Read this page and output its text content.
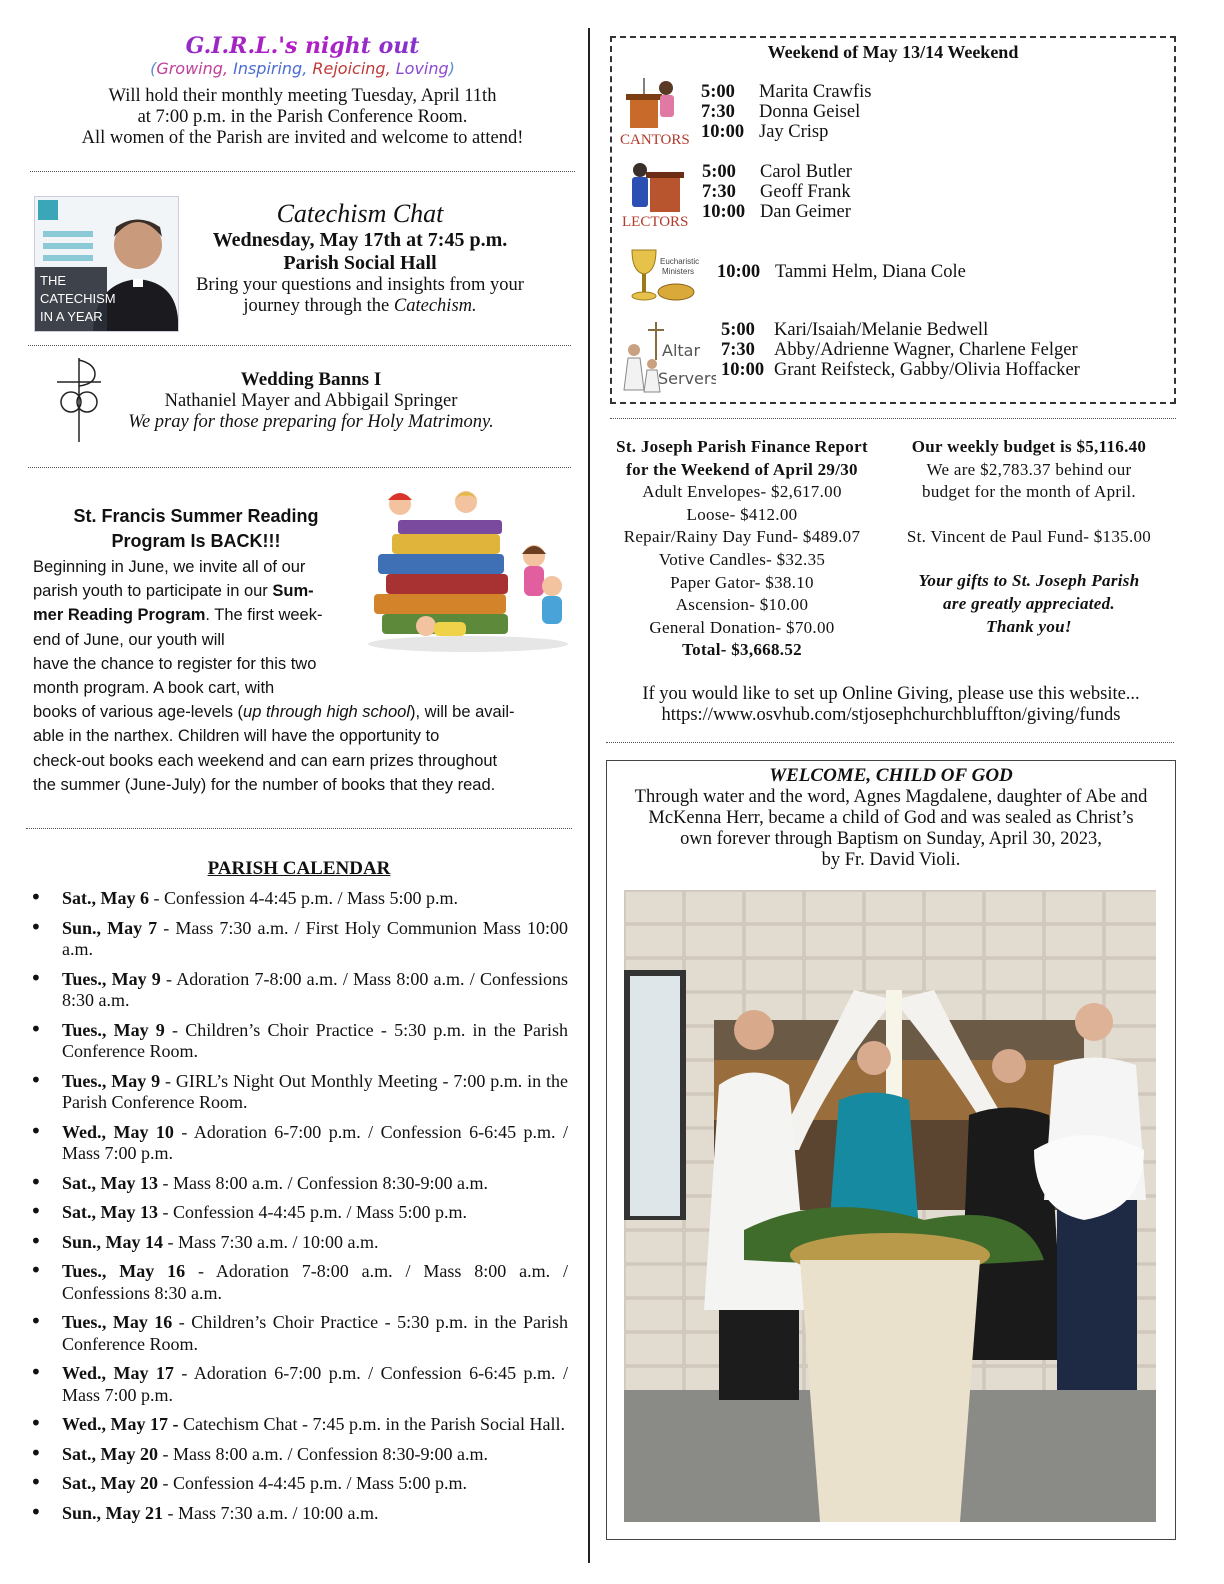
G.I.R.L.'s night out
(Growing, Inspiring, Rejoicing, Loving)
Will hold their monthly meeting Tuesday, April 11th
at 7:00 p.m. in the Parish Conference Room.
All women of the Parish are invited and welcome to attend!
THE
CATECHISM
IN A YEAR
Catechism Chat
Wednesday, May 17th at 7:45 p.m.
Parish Social Hall
Bring your questions and insights from your
journey through the Catechism.
Wedding Banns I
Nathaniel Mayer and Abbigail Springer
We pray for those preparing for Holy Matrimony.
St. Francis Summer Reading
Program Is BACK!!!
Beginning in June, we invite all of our
parish youth to participate in our Sum-
mer Reading Program. The first week-
end of June, our youth will
have the chance to register for this two
month program. A book cart, with
books of various age-levels (up through high school), will be avail-
able in the narthex. Children will have the opportunity to
check-out books each weekend and can earn prizes throughout
the summer (June-July) for the number of books that they read.
PARISH CALENDAR
• Sat., May 6 - Confession 4-4:45 p.m. / Mass 5:00 p.m.
• Sun., May 7 - Mass 7:30 a.m. / First Holy Communion Mass 10:00 a.m.
• Tues., May 9 - Adoration 7-8:00 a.m. / Mass 8:00 a.m. / Confessions 8:30 a.m.
• Tues., May 9 - Children’s Choir Practice - 5:30 p.m. in the Parish Conference Room.
• Tues., May 9 - GIRL’s Night Out Monthly Meeting - 7:00 p.m. in the Parish Conference Room.
• Wed., May 10 - Adoration 6-7:00 p.m. / Confession 6-6:45 p.m. / Mass 7:00 p.m.
• Sat., May 13 - Mass 8:00 a.m. / Confession 8:30-9:00 a.m.
• Sat., May 13 - Confession 4-4:45 p.m. / Mass 5:00 p.m.
• Sun., May 14 - Mass 7:30 a.m. / 10:00 a.m.
• Tues., May 16 - Adoration 7-8:00 a.m. / Mass 8:00 a.m. / Confessions 8:30 a.m.
• Tues., May 16 - Children’s Choir Practice - 5:30 p.m. in the Parish Conference Room.
• Wed., May 17 - Adoration 6-7:00 p.m. / Confession 6-6:45 p.m. / Mass 7:00 p.m.
• Wed., May 17 - Catechism Chat - 7:45 p.m. in the Parish Social Hall.
• Sat., May 20 - Mass 8:00 a.m. / Confession 8:30-9:00 a.m.
• Sat., May 20 - Confession 4-4:45 p.m. / Mass 5:00 p.m.
• Sun., May 21 - Mass 7:30 a.m. / 10:00 a.m.
Weekend of May 13/14 Weekend
CANTORS
5:00 Marita Crawfis
7:30 Donna Geisel
10:00 Jay Crisp
LECTORS
5:00 Carol Butler
7:30 Geoff Frank
10:00 Dan Geimer
Eucharistic
Ministers 10:00 Tammi Helm, Diana Cole
Altar
Servers
5:00 Kari/Isaiah/Melanie Bedwell
7:30 Abby/Adrienne Wagner, Charlene Felger
10:00 Grant Reifsteck, Gabby/Olivia Hoffacker
St. Joseph Parish Finance Report
for the Weekend of April 29/30
Adult Envelopes- $2,617.00
Loose- $412.00
Repair/Rainy Day Fund- $489.07
Votive Candles- $32.35
Paper Gator- $38.10
Ascension- $10.00
General Donation- $70.00
Total- $3,668.52
Our weekly budget is $5,116.40
We are $2,783.37 behind our
budget for the month of April.
St. Vincent de Paul Fund- $135.00
Your gifts to St. Joseph Parish
are greatly appreciated.
Thank you!
If you would like to set up Online Giving, please use this website...
https://www.osvhub.com/stjosephchurchbluffton/giving/funds
WELCOME, CHILD OF GOD
Through water and the word, Agnes Magdalene, daughter of Abe and
McKenna Herr, became a child of God and was sealed as Christ’s
own forever through Baptism on Sunday, April 30, 2023,
by Fr. David Violi.
